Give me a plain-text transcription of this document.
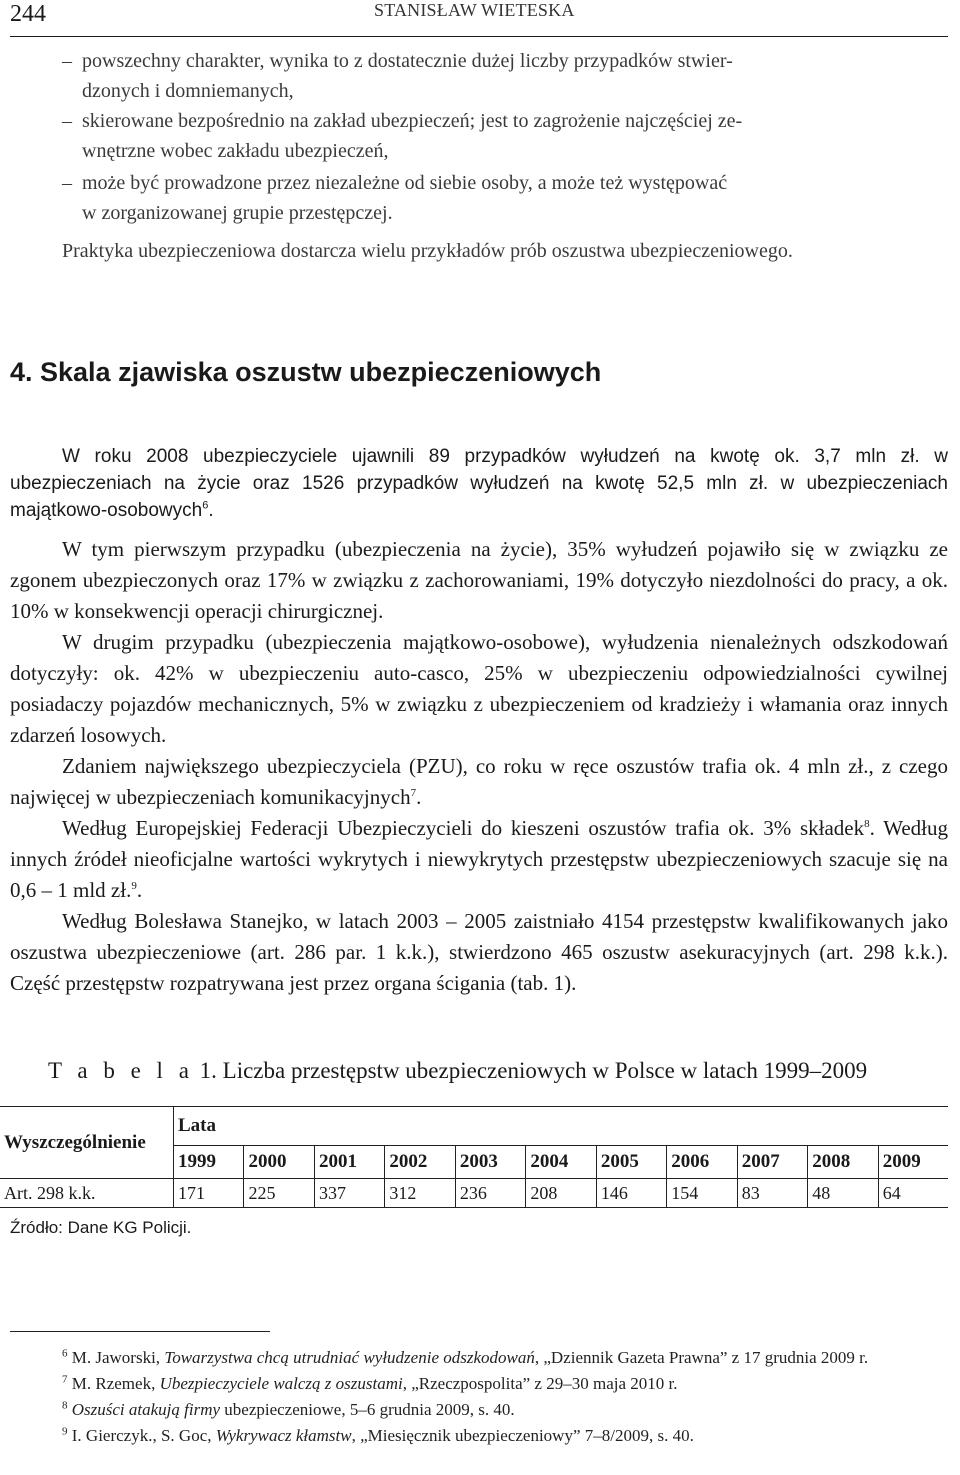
244	STANISŁAW WIETESKA
– powszechny charakter, wynika to z dostatecznie dużej liczby przypadków stwier-
dzonych i domniemanych,
– skierowane bezpośrednio na zakład ubezpieczeń; jest to zagrożenie najczęściej ze-
wnętrzne wobec zakładu ubezpieczeń,
– może być prowadzone przez niezależne od siebie osoby, a może też występować
w zorganizowanej grupie przestępczej.
Praktyka ubezpieczeniowa dostarcza wielu przykładów prób oszustwa ubezpieczeniowego.
4. Skala zjawiska oszustw ubezpieczeniowych

W roku 2008 ubezpieczyciele ujawnili 89 przypadków wyłudzeń na kwotę ok. 3,7 mln zł. w ubezpieczeniach na życie oraz 1526 przypadków wyłudzeń na kwotę 52,5 mln zł. w ubezpieczeniach majątkowo-osobowych$^6$.

W tym pierwszym przypadku (ubezpieczenia na życie), 35% wyłudzeń pojawiło się w związku ze zgonem ubezpieczonych oraz 17% w związku z zachorowaniami, 19% dotyczyło niezdolności do pracy, a ok. 10% w konsekwencji operacji chirurgicznej.

W drugim przypadku (ubezpieczenia majątkowo-osobowe), wyłudzenia nienależnych odszkodowań dotyczyły: ok. 42% w ubezpieczeniu auto-casco, 25% w ubezpieczeniu odpowiedzialności cywilnej posiadaczy pojazdów mechanicznych, 5% w związku z ubezpieczeniem od kradzieży i włamania oraz innych zdarzeń losowych.

Zdaniem największego ubezpieczyciela (PZU), co roku w ręce oszustów trafia ok. 4 mln zł., z czego najwięcej w ubezpieczeniach komunikacyjnych$^7$.

Według Europejskiej Federacji Ubezpieczycieli do kieszeni oszustów trafia ok. 3% składek$^8$. Według innych źródeł nieoficjalne wartości wykrytych i niewykrytych przestępstw ubezpieczeniowych szacuje się na 0,6 – 1 mld zł.$^9$.

Według Bolesława Stanejko, w latach 2003 – 2005 zaistniało 4154 przestępstw kwalifikowanych jako oszustwa ubezpieczeniowe (art. 286 par. 1 k.k.), stwierdzono 465 oszustw asekuracyjnych (art. 298 k.k.). Część przestępstw rozpatrywana jest przez organa ścigania (tab. 1).

T a b e l a 1. Liczba przestępstw ubezpieczeniowych w Polsce w latach 1999–2009
Wyszczególnienie	Lata										
	1999	2000	2001	2002	2003	2004	2005	2006	2007	2008	2009
Art. 298 k.k.	171	225	337	312	236	208	146	154	83	48	64
Źródło: Dane KG Policji.

$^6$ M. Jaworski, Towarzystwa chcą utrudniać wyłudzenie odszkodowań, „Dziennik Gazeta Prawna” z 17 grudnia 2009 r.

$^7$ M. Rzemek, Ubezpieczyciele walczą z oszustami, „Rzeczpospolita” z 29–30 maja 2010 r.

$^8$ Oszuści atakują firmy ubezpieczeniowe, 5–6 grudnia 2009, s. 40.

$^9$ I. Gierczyk., S. Goc, Wykrywacz kłamstw, „Miesięcznik ubezpieczeniowy” 7–8/2009, s. 40.
